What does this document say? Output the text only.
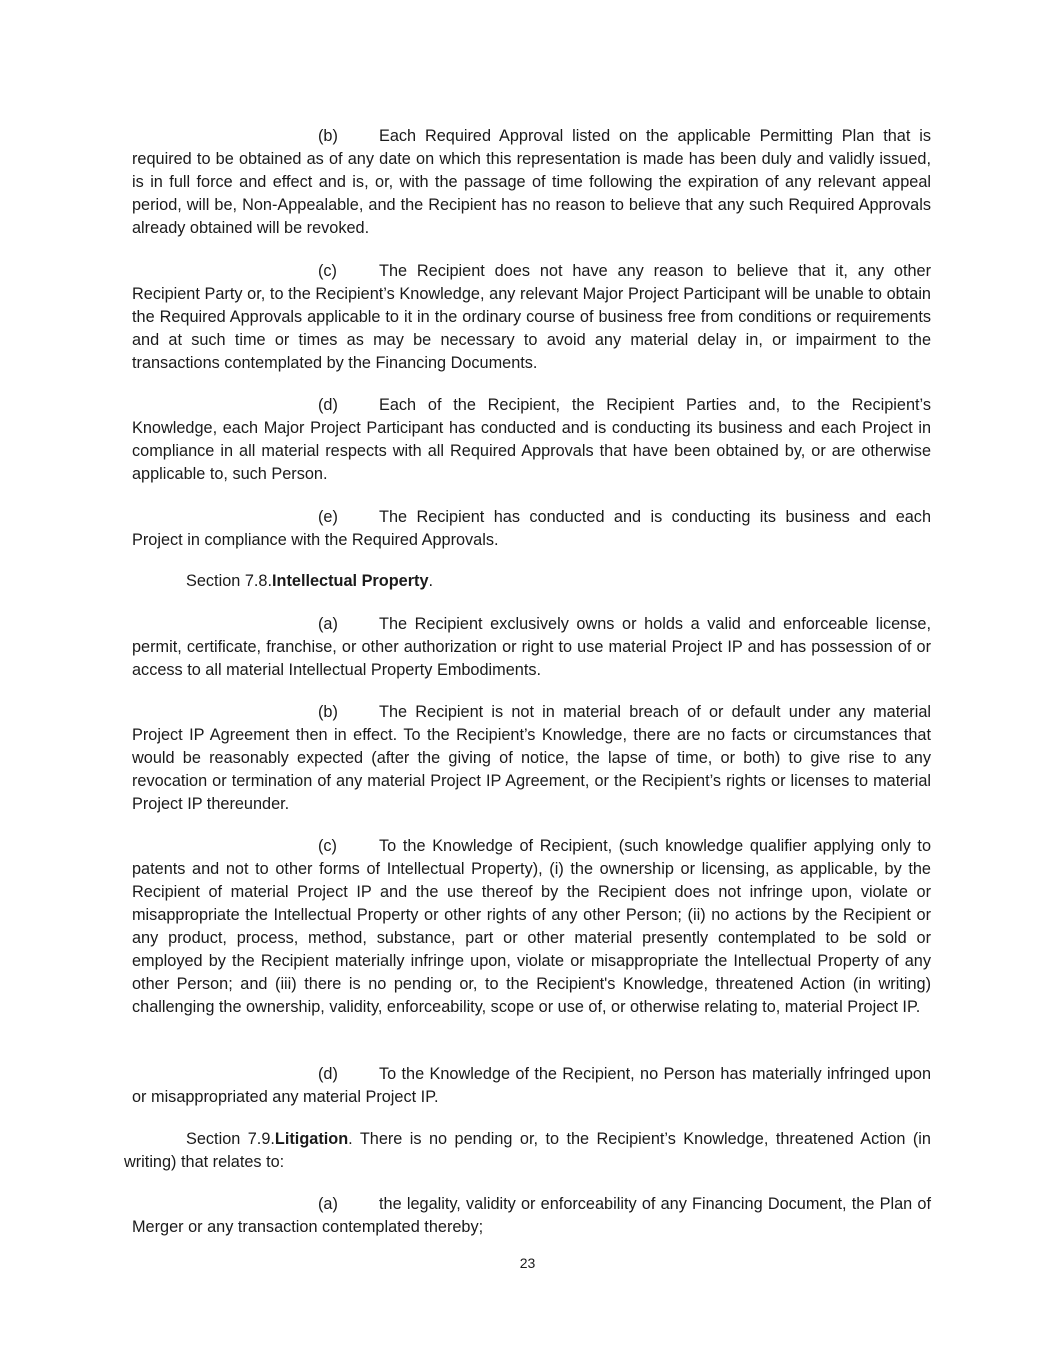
(b)	Each Required Approval listed on the applicable Permitting Plan that is required to be obtained as of any date on which this representation is made has been duly and validly issued, is in full force and effect and is, or, with the passage of time following the expiration of any relevant appeal period, will be, Non-Appealable, and the Recipient has no reason to believe that any such Required Approvals already obtained will be revoked.

(c)	The Recipient does not have any reason to believe that it, any other Recipient Party or, to the Recipient’s Knowledge, any relevant Major Project Participant will be unable to obtain the Required Approvals applicable to it in the ordinary course of business free from conditions or requirements and at such time or times as may be necessary to avoid any material delay in, or impairment to the transactions contemplated by the Financing Documents.

(d)	Each of the Recipient, the Recipient Parties and, to the Recipient’s Knowledge, each Major Project Participant has conducted and is conducting its business and each Project in compliance in all material respects with all Required Approvals that have been obtained by, or are otherwise applicable to, such Person.

(e)	The Recipient has conducted and is conducting its business and each Project in compliance with the Required Approvals.

Section 7.8.Intellectual Property.

(a)	The Recipient exclusively owns or holds a valid and enforceable license, permit, certificate, franchise, or other authorization or right to use material Project IP and has possession of or access to all material Intellectual Property Embodiments.

(b)	The Recipient is not in material breach of or default under any material Project IP Agreement then in effect. To the Recipient’s Knowledge, there are no facts or circumstances that would be reasonably expected (after the giving of notice, the lapse of time, or both) to give rise to any revocation or termination of any material Project IP Agreement, or the Recipient’s rights or licenses to material Project IP thereunder.

(c)	To the Knowledge of Recipient, (such knowledge qualifier applying only to patents and not to other forms of Intellectual Property), (i) the ownership or licensing, as applicable, by the Recipient of material Project IP and the use thereof by the Recipient does not infringe upon, violate or misappropriate the Intellectual Property or other rights of any other Person; (ii) no actions by the Recipient or any product, process, method, substance, part or other material presently contemplated to be sold or employed by the Recipient materially infringe upon, violate or misappropriate the Intellectual Property of any other Person; and (iii) there is no pending or, to the Recipient's Knowledge, threatened Action (in writing) challenging the ownership, validity, enforceability, scope or use of, or otherwise relating to, material Project IP.

(d)	To the Knowledge of the Recipient, no Person has materially infringed upon or misappropriated any material Project IP.

Section 7.9.Litigation. There is no pending or, to the Recipient’s Knowledge, threatened Action (in writing) that relates to:

(a)	the legality, validity or enforceability of any Financing Document, the Plan of Merger or any transaction contemplated thereby;

23
